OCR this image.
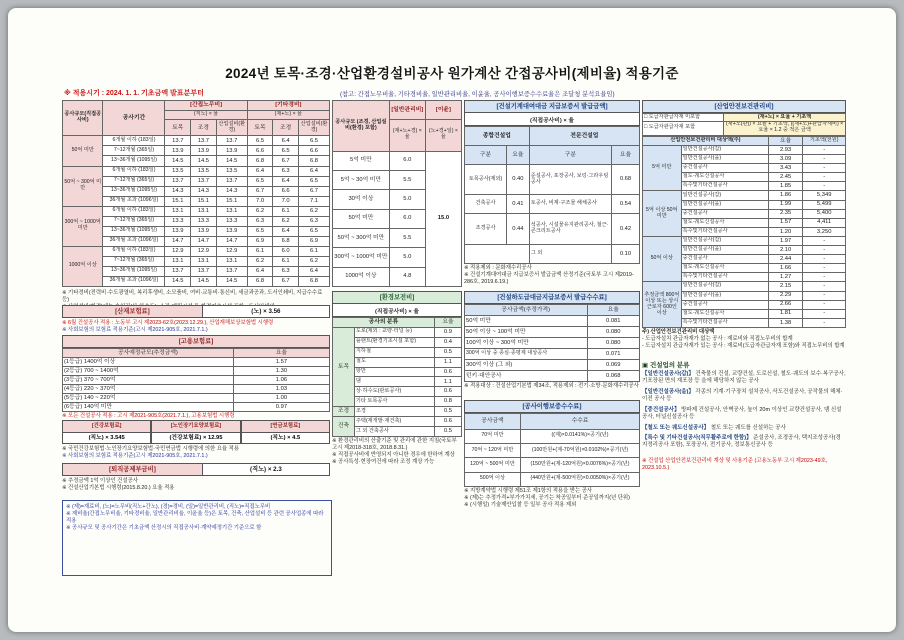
2024년 토목·조경·산업환경설비공사 원가계산 간접공사비(제비율) 적용기준
※ 적용시기 : 2024. 1. 1. 기초금액 발표분부터	(참고: 간접노무비율, 기타경비율, 일반관리비율, 이윤율, 공사이행보증수수료율은 조달청 분석요율임)
공사규모(직접공사비)	공사기간	[간접노무비]			[기타경비]		
		(직노) × 율			(재+노) × 율		
		토목	조경	산업설비(환경)	토목	조경	산업설비(환경)
50억 미만	6개월 이하 (183일)	13.7	13.7	13.7	6.5	6.4	6.5
	7~12개월 (365일)	13.9	13.9	13.9	6.6	6.5	6.6
	13~36개월 (1095일)	14.5	14.5	14.5	6.8	6.7	6.8
50억 ~ 300억 미만	6개월 이하 (183일)	13.5	13.5	13.5	6.4	6.3	6.4
	7~12개월 (365일)	13.7	13.7	13.7	6.5	6.4	6.5
	13~36개월 (1095일)	14.3	14.3	14.3	6.7	6.6	6.7
	36개월 초과 (1096일)	15.1	15.1	15.1	7.0	7.0	7.1
300억 ~ 1000억 미만	6개월 이하 (183일)	13.1	13.1	13.1	6.2	6.1	6.2
	7~12개월 (365일)	13.3	13.3	13.3	6.3	6.2	6.3
	13~36개월 (1095일)	13.9	13.9	13.9	6.5	6.4	6.5
	36개월 초과 (1096일)	14.7	14.7	14.7	6.9	6.8	6.9
1000억 이상	6개월 이하 (183일)	12.9	12.9	12.9	6.1	6.0	6.1
	7~12개월 (365일)	13.1	13.1	13.1	6.2	6.1	6.2
	13~36개월 (1095일)	13.7	13.7	13.7	6.4	6.3	6.4
	36개월 초과 (1096일)	14.5	14.5	14.5	6.8	6.7	6.8
※ 기타경비(전력비·수도광열비, 복리후생비, 소모품비, 여비·교통비·통신비, 세금과공과, 도서인쇄비, 지급수수료 등)
[산재보험료]	(노) × 3.56
※ 6월 건설공사 적용 : 노동부 고시 제2023-62호(2023.12.29.), 산업재해보상보험법 시행령
※ 사회보험의 보험료 적용기준(고시 제2021-905호, 2021.7.1.)
[고용보험료]
공사예정규모(추정금액)	요율
(1등급) 1400억 이상	1.57
(2등급) 700 ~ 1400억	1.30
(3등급) 370 ~ 700억	1.06
(4등급) 220 ~ 370억	1.03
(5등급) 140 ~ 220억	1.00
(6등급) 140억 미만	0.97
※ 모든 건설공사 적용 : 고시 제2021-905호(2021.7.1.), 고용보험법 시행령
[건강보험료]
(직노) × 3.545
[노인장기요양보험료]
(건강보험료) × 12.95
[연금보험료]
(직노) × 4.5
※ 국민건강보험법·노인장기요양보험법·국민연금법 시행령에 의한 요율 적용
※ 사회보험의 보험료 적용기준(고시 제2021-905호, 2021.7.1.)
[퇴직공제부금비]	(직노) × 2.3
※ 추정금액 1억 이상인 건설공사
※ 건설산업기본법 시행령(2015.8.20.) 요율 적용
※ (제)=재료비, (노)=노무비(직노+간노), (경)=경비, (일)=일반관리비, (직노)=직접노무비
※ 제비율(간접노무비율, 기타경비율, 일반관리비율, 이윤율 등)은 토목, 건축, 산업설비 등 관련 공사업종에 따라 적용
※ 공사규모 및 공사기간은 기초금액 산정시의 직접공사비·계약예정기간 기준으로 함
공사규모 (조경, 산업설비(환경) 포함)	[일반관리비]	[이윤]
	(재+노+경) × 율	(노+경+일) × 율
5억 미만	6.0	15.0
5억 ~ 30억 미만	5.5	
30억 이상	5.0	
50억 미만	6.0	
50억 ~ 300억 미만	5.5	
300억 ~ 1000억 미만	5.0	
1000억 이상	4.8	
[환경보전비]
(직접공사비) × 율
공사의 분류		요율
토목	도로(제외 : 교량·터널 등)	0.9
	플랜트(환경기초시설 포함)	0.4
	지하철	0.5
	철도	1.1
	항만	0.6
	댐	1.1
	상·하수도(관로공사)	0.6
	기타 토목공사	0.8
조경	조경	0.5
건축	주택(재개발·재건축)	0.6
	그 외 건축공사	0.5
※ 환경관리비의 산출기준 및 관리에 관한 지침(국토부 고시 제2018-318호, 2018.8.31.)
※ 직접공사비에 반영되지 아니한 경우에 한하여 계상
※ 공사특성·현장여건에 따라 조정 계상 가능
[건설기계대여대금 지급보증서 발급금액]
(직접공사비) × 율
종합건설업		전문건설업	
구분	요율	구분	요율
토목공사(제외)	0.40	준설공사, 포장공사, 보링·그라우팅공사	0.68
건축공사	0.41	토공사, 비계·구조물 해체공사	0.54
조경공사	0.44	석공사, 시설물유지관리공사, 철근·콘크리트공사	0.42
		그 외	0.10
※ 적용제외 : 문화재수리공사
※ 건설기계대여대금 지급보증서 발급금액 산정기준(국토부 고시 제2019-286호, 2019.6.19.)
[건설하도급대금지급보증서 발급수수료]
공사금액(추정가격)	요율
50억 미만	0.081
50억 이상 ~ 100억 미만	0.080
100억 이상 ~ 300억 미만	0.080
300억 이상 중 종심·종평제 대상공사	0.071
300억 이상 (그 외)	0.069
턴키·대안공사	0.068
※ 적용대상 : 건설산업기본법 제34조, 적용제외 : 전기·소방·문화재수리공사
[공사이행보증수수료]
공사금액	수수료
70억 미만	((제)×0.0141%)×공기(년)
70억 ~ 120억 미만	(100만원+(제-70억원)×0.0102%)×공기(년)
120억 ~ 500억 미만	(150만원+(제-120억원)×0.0076%)×공기(년)
500억 이상	(440만원+(제-500억원)×0.0050%)×공기(년)
※ 지방계약법 시행령 제51조 제1항의 적용을 받는 공사
※ (제)는 추정가격+부가가치세, 공기는 착공일부터 준공일까지(년 단위)
※ (시행일) 기술제안입찰 등 일부 공사 적용 제외
[산업안전보건관리비]
□ 도급자관급자재 미포함	(재+노) × 요율 + 기초액
□ 도급자관급자재 포함	(재+노(관)) × 요율 + 기초액, ((재+노)+관급자재비) × 요율 × 1.2 중 적은 금액
산업안전보건관리비 대상액(주)		요율	기초액(천원)
5억 미만	일반건설공사(갑)	2.93	-
	일반건설공사(을)	3.09	-
	중건설공사	3.43	-
	철도·궤도신설공사	2.45	-
	특수및기타건설공사	1.85	-
5억 이상 50억 미만	일반건설공사(갑)	1.86	5,349
	일반건설공사(을)	1.99	5,499
	중건설공사	2.35	5,400
	철도·궤도신설공사	1.57	4,411
	특수및기타건설공사	1.20	3,250
50억 이상	일반건설공사(갑)	1.97	-
	일반건설공사(을)	2.10	-
	중건설공사	2.44	-
	철도·궤도신설공사	1.66	-
	특수및기타건설공사	1.27	-
추정금액 800억 이상 또는 상시근로자 600인 이상	일반건설공사(갑)	2.15	-
	일반건설공사(을)	2.29	-
	중건설공사	2.66	-
	철도·궤도신설공사	1.81	-
	특수및기타건설공사	1.38	-
주) 산업안전보건관리비 대상액
- 도급자설치 관급자재가 없는 공사 : 재료비와 직접노무비의 합계
- 도급자설치 관급자재가 있는 공사 : 재료비(도급자관급자재 포함)와 직접노무비의 합계
▣ 건설업의 분류
【일반건설공사(갑)】 건축물의 건설, 교량건설, 도로신설, 철도·궤도의 보수·복구공사, 기포장된 면의 재포장 등 을에 해당하지 않는 공사
【일반건설공사(을)】 각종의 기계·기구장치 설치공사, 삭도건설공사, 공작물의 해체·이전 공사 등
【중건설공사】 방파제 건설공사, 안벽공사, 높이 20m 이상인 교량건설공사, 댐 신설공사, 터널신설공사 등
【철도 또는 궤도신설공사】 철도 또는 궤도를 신설하는 공사
【특수 및 기타건설공사(직무활주로에 한함)】 준설공사, 조경공사, 택지조성공사(경지정리공사 포함), 포장공사, 전기공사, 정보통신공사 등
※ 건설업 산업안전보건관리비 계상 및 사용기준 (고용노동부 고시 제2023-49호, 2023.10.5.)
